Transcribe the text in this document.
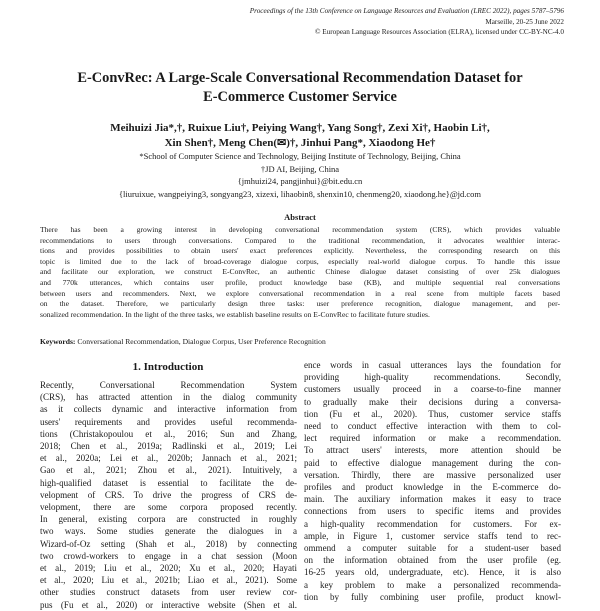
Proceedings of the 13th Conference on Language Resources and Evaluation (LREC 2022), pages 5787–5796
Marseille, 20-25 June 2022
© European Language Resources Association (ELRA), licensed under CC-BY-NC-4.0
E-ConvRec: A Large-Scale Conversational Recommendation Dataset for
E-Commerce Customer Service
Meihuizi Jia*,†, Ruixue Liu†, Peiying Wang†, Yang Song†, Zexi Xi†, Haobin Li†,
Xin Shen†, Meng Chen(✉)†, Jinhui Pang*, Xiaodong He†
*School of Computer Science and Technology, Beijing Institute of Technology, Beijing, China
†JD AI, Beijing, China
{jmhuizi24, pangjinhui}@bit.edu.cn
{liuruixue, wangpeiying3, songyang23, xizexi, lihaobin8, shenxin10, chenmeng20, xiaodong.he}@jd.com
Abstract
There has been a growing interest in developing conversational recommendation system (CRS), which provides valuable
recommendations to users through conversations. Compared to the traditional recommendation, it advocates wealthier interac-
tions and provides possibilities to obtain users' exact preferences explicitly. Nevertheless, the corresponding research on this
topic is limited due to the lack of broad-coverage dialogue corpus, especially real-world dialogue corpus. To handle this issue
and facilitate our exploration, we construct E-ConvRec, an authentic Chinese dialogue dataset consisting of over 25k dialogues
and 770k utterances, which contains user profile, product knowledge base (KB), and multiple sequential real conversations
between users and recommenders. Next, we explore conversational recommendation in a real scene from multiple facets based
on the dataset. Therefore, we particularly design three tasks: user preference recognition, dialogue management, and per-
sonalized recommendation. In the light of the three tasks, we establish baseline results on E-ConvRec to facilitate future studies.
Keywords: Conversational Recommendation, Dialogue Corpus, User Preference Recognition
1. Introduction
Recently, Conversational Recommendation System
(CRS), has attracted attention in the dialog community
as it collects dynamic and interactive information from
users' requirements and provides useful recommenda-
tions (Christakopoulou et al., 2016; Sun and Zhang,
2018; Chen et al., 2019a; Radlinski et al., 2019; Lei
et al., 2020a; Lei et al., 2020b; Jannach et al., 2021;
Gao et al., 2021; Zhou et al., 2021). Intuitively, a
high-qualified dataset is essential to facilitate the de-
velopment of CRS. To drive the progress of CRS de-
velopment, there are some corpora proposed recently.
In general, existing corpora are constructed in roughly
two ways. Some studies generate the dialogues in a
Wizard-of-Oz setting (Shah et al., 2018) by connecting
two crowd-workers to engage in a chat session (Moon
et al., 2019; Liu et al., 2020; Xu et al., 2020; Hayati
et al., 2020; Liu et al., 2021b; Liao et al., 2021). Some
other studies construct datasets from user review cor-
pus (Fu et al., 2020) or interactive website (Shen et al.
ence words in casual utterances lays the foundation for
providing high-quality recommendations. Secondly,
customers usually proceed in a coarse-to-fine manner
to gradually make their decisions during a conversa-
tion (Fu et al., 2020). Thus, customer service staffs
need to conduct effective interaction with them to col-
lect required information or make a recommendation.
To attract users' interests, more attention should be
paid to effective dialogue management during the con-
versation. Thirdly, there are massive personalized user
profiles and product knowledge in the E-commerce do-
main. The auxiliary information makes it easy to trace
connections from users to specific items and provides
a high-quality recommendation for customers. For ex-
ample, in Figure 1, customer service staffs tend to rec-
ommend a computer suitable for a student-user based
on the information obtained from the user profile (eg.
16-25 years old, undergraduate, etc). Hence, it is also
a key problem to make a personalized recommenda-
tion by fully combining user profile, product knowl-
